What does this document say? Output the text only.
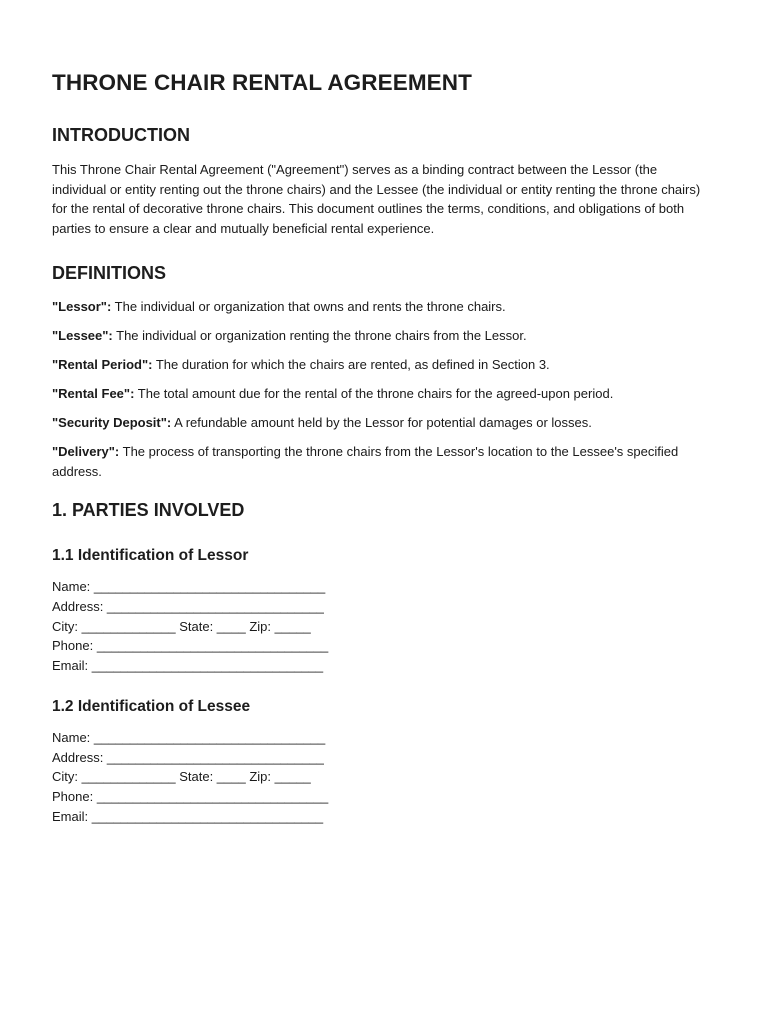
THRONE CHAIR RENTAL AGREEMENT
INTRODUCTION

This Throne Chair Rental Agreement ("Agreement") serves as a binding contract between the Lessor (the individual or entity renting out the throne chairs) and the Lessee (the individual or entity renting the throne chairs) for the rental of decorative throne chairs. This document outlines the terms, conditions, and obligations of both parties to ensure a clear and mutually beneficial rental experience.

DEFINITIONS

"Lessor": The individual or organization that owns and rents the throne chairs.

"Lessee": The individual or organization renting the throne chairs from the Lessor.

"Rental Period": The duration for which the chairs are rented, as defined in Section 3.

"Rental Fee": The total amount due for the rental of the throne chairs for the agreed-upon period.

"Security Deposit": A refundable amount held by the Lessor for potential damages or losses.

"Delivery": The process of transporting the throne chairs from the Lessor's location to the Lessee's specified address.

1. PARTIES INVOLVED
1.1 Identification of Lessor
Name: ________________________________
Address: ______________________________
City: _____________ State: ____ Zip: _____
Phone: ________________________________
Email: ________________________________
1.2 Identification of Lessee
Name: ________________________________
Address: ______________________________
City: _____________ State: ____ Zip: _____
Phone: ________________________________
Email: ________________________________
